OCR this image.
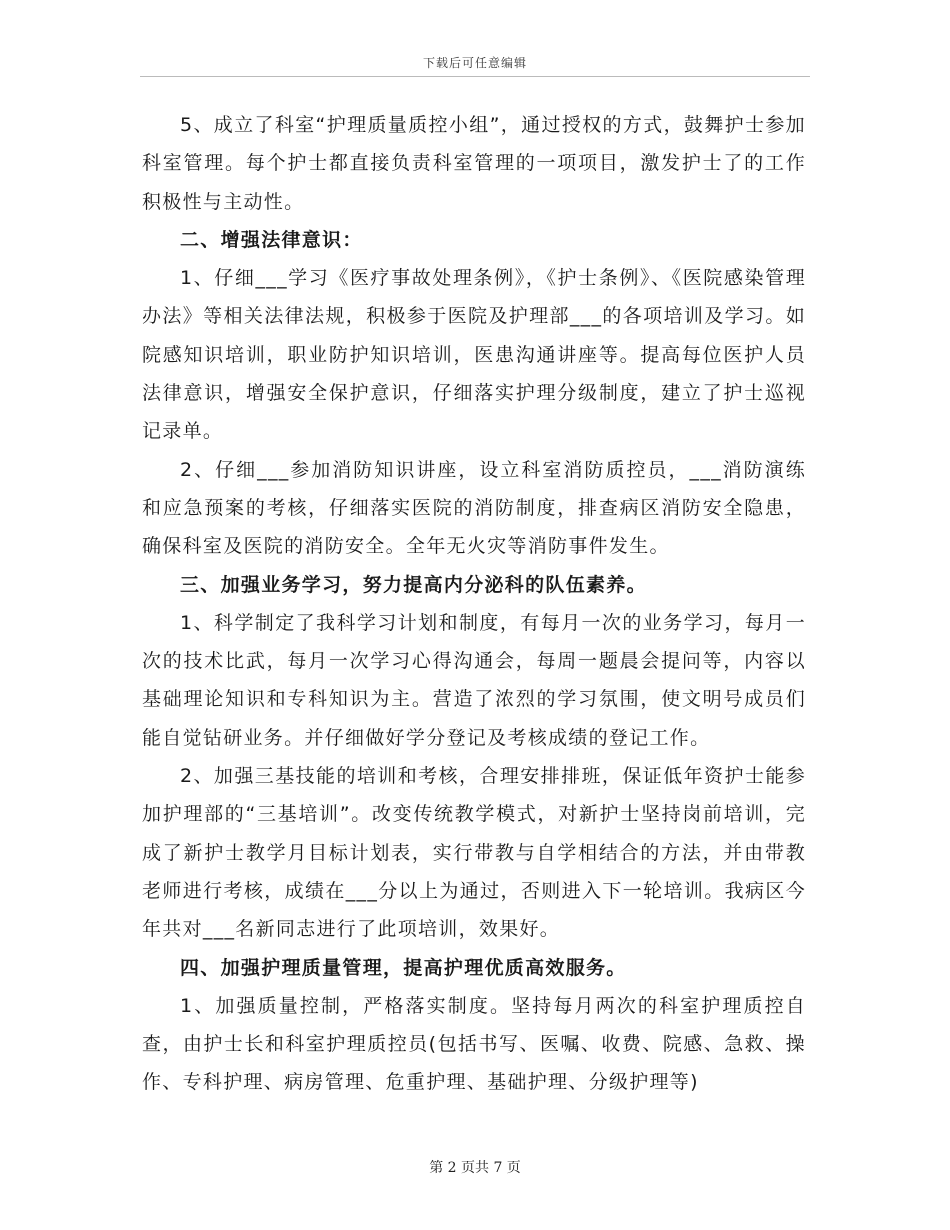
下载后可任意编辑

5、成立了科室“护理质量质控小组”，通过授权的方式，鼓舞护士参加科室管理。每个护士都直接负责科室管理的一项项目，激发护士了的工作积极性与主动性。

二、增强法律意识：

1、仔细___学习《医疗事故处理条例》，《护士条例》、《医院感染管理办法》等相关法律法规，积极参于医院及护理部___的各项培训及学习。如院感知识培训，职业防护知识培训，医患沟通讲座等。提高每位医护人员法律意识，增强安全保护意识，仔细落实护理分级制度，建立了护士巡视记录单。

2、仔细___参加消防知识讲座，设立科室消防质控员，___消防演练和应急预案的考核，仔细落实医院的消防制度，排查病区消防安全隐患，确保科室及医院的消防安全。全年无火灾等消防事件发生。

三、加强业务学习，努力提高内分泌科的队伍素养。

1、科学制定了我科学习计划和制度，有每月一次的业务学习，每月一次的技术比武，每月一次学习心得沟通会，每周一题晨会提问等，内容以基础理论知识和专科知识为主。营造了浓烈的学习氛围，使文明号成员们能自觉钻研业务。并仔细做好学分登记及考核成绩的登记工作。

2、加强三基技能的培训和考核，合理安排排班，保证低年资护士能参加护理部的“三基培训”。改变传统教学模式，对新护士坚持岗前培训，完成了新护士教学月目标计划表，实行带教与自学相结合的方法，并由带教老师进行考核，成绩在___分以上为通过，否则进入下一轮培训。我病区今年共对___名新同志进行了此项培训，效果好。

四、加强护理质量管理，提高护理优质高效服务。

1、加强质量控制，严格落实制度。坚持每月两次的科室护理质控自查，由护士长和科室护理质控员(包括书写、医嘱、收费、院感、急救、操作、专科护理、病房管理、危重护理、基础护理、分级护理等)

第 2 页共 7 页
